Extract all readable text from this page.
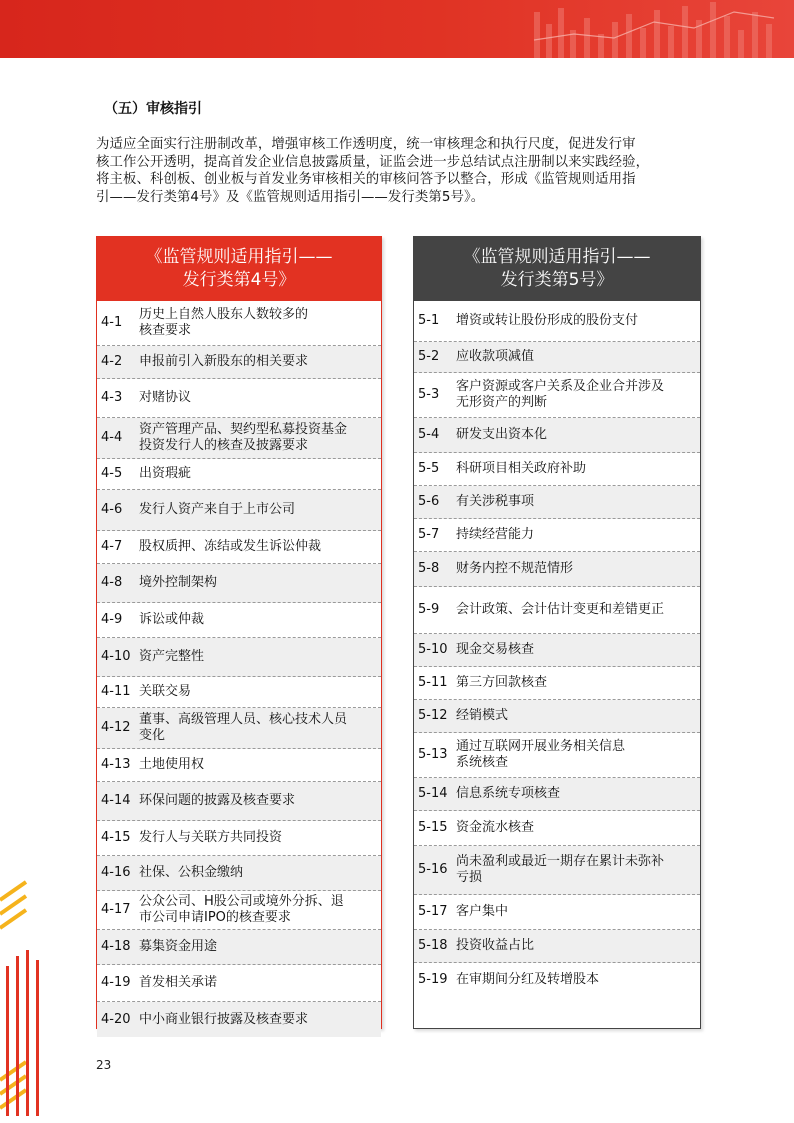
（五）审核指引
为适应全面实行注册制改革，增强审核工作透明度，统一审核理念和执行尺度，促进发行审
核工作公开透明，提高首发企业信息披露质量，证监会进一步总结试点注册制以来实践经验，
将主板、科创板、创业板与首发业务审核相关的审核问答予以整合，形成《监管规则适用指
引——发行类第4号》及《监管规则适用指引——发行类第5号》。
《监管规则适用指引——
发行类第4号》
4-1
历史上自然人股东人数较多的
核查要求
4-2	申报前引入新股东的相关要求
4-3	对赌协议
4-4
资产管理产品、契约型私募投资基金
投资发行人的核查及披露要求
4-5	出资瑕疵
4-6	发行人资产来自于上市公司
4-7	股权质押、冻结或发生诉讼仲裁
4-8	境外控制架构
4-9	诉讼或仲裁
4-10 资产完整性
4-11 关联交易
4-12
董事、高级管理人员、核心技术人员
变化
4-13 土地使用权
4-14 环保问题的披露及核查要求
4-15 发行人与关联方共同投资
4-16 社保、公积金缴纳
4-17
公众公司、H股公司或境外分拆、退
市公司申请IPO的核查要求
4-18 募集资金用途
4-19 首发相关承诺
4-20 中小商业银行披露及核查要求
《监管规则适用指引——
发行类第5号》
5-1	增资或转让股份形成的股份支付
5-2	应收款项减值
5-3
客户资源或客户关系及企业合并涉及
无形资产的判断
5-4	研发支出资本化
5-5	科研项目相关政府补助
5-6	有关涉税事项
5-7	持续经营能力
5-8	财务内控不规范情形
5-9	会计政策、会计估计变更和差错更正
5-10 现金交易核查
5-11 第三方回款核查
5-12 经销模式
5-13
通过互联网开展业务相关信息
系统核查
5-14 信息系统专项核查
5-15 资金流水核查
5-16
尚未盈利或最近一期存在累计未弥补
亏损
5-17 客户集中
5-18 投资收益占比
5-19 在审期间分红及转增股本
23
